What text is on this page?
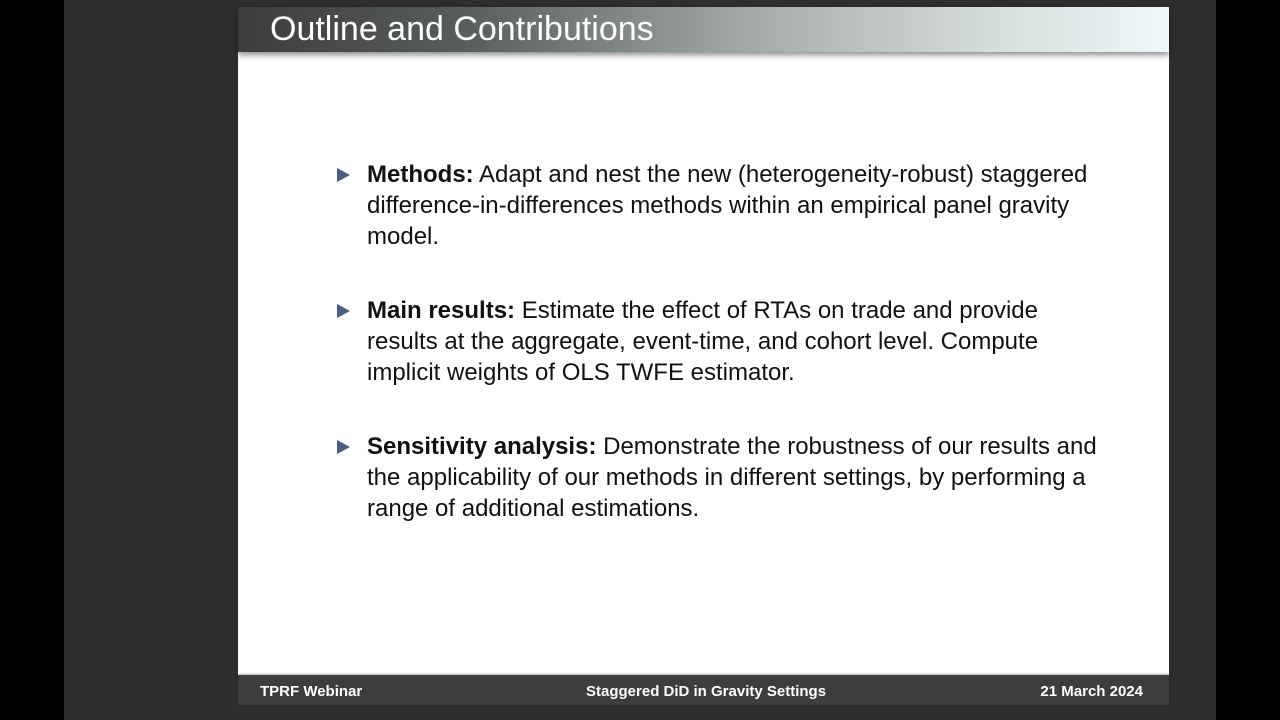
Outline and Contributions
Methods: Adapt and nest the new (heterogeneity-robust) staggered difference-in-differences methods within an empirical panel gravity model.
Main results: Estimate the effect of RTAs on trade and provide results at the aggregate, event-time, and cohort level. Compute implicit weights of OLS TWFE estimator.
Sensitivity analysis: Demonstrate the robustness of our results and the applicability of our methods in different settings, by performing a range of additional estimations.
TPRF Webinar	Staggered DiD in Gravity Settings	21 March 2024
